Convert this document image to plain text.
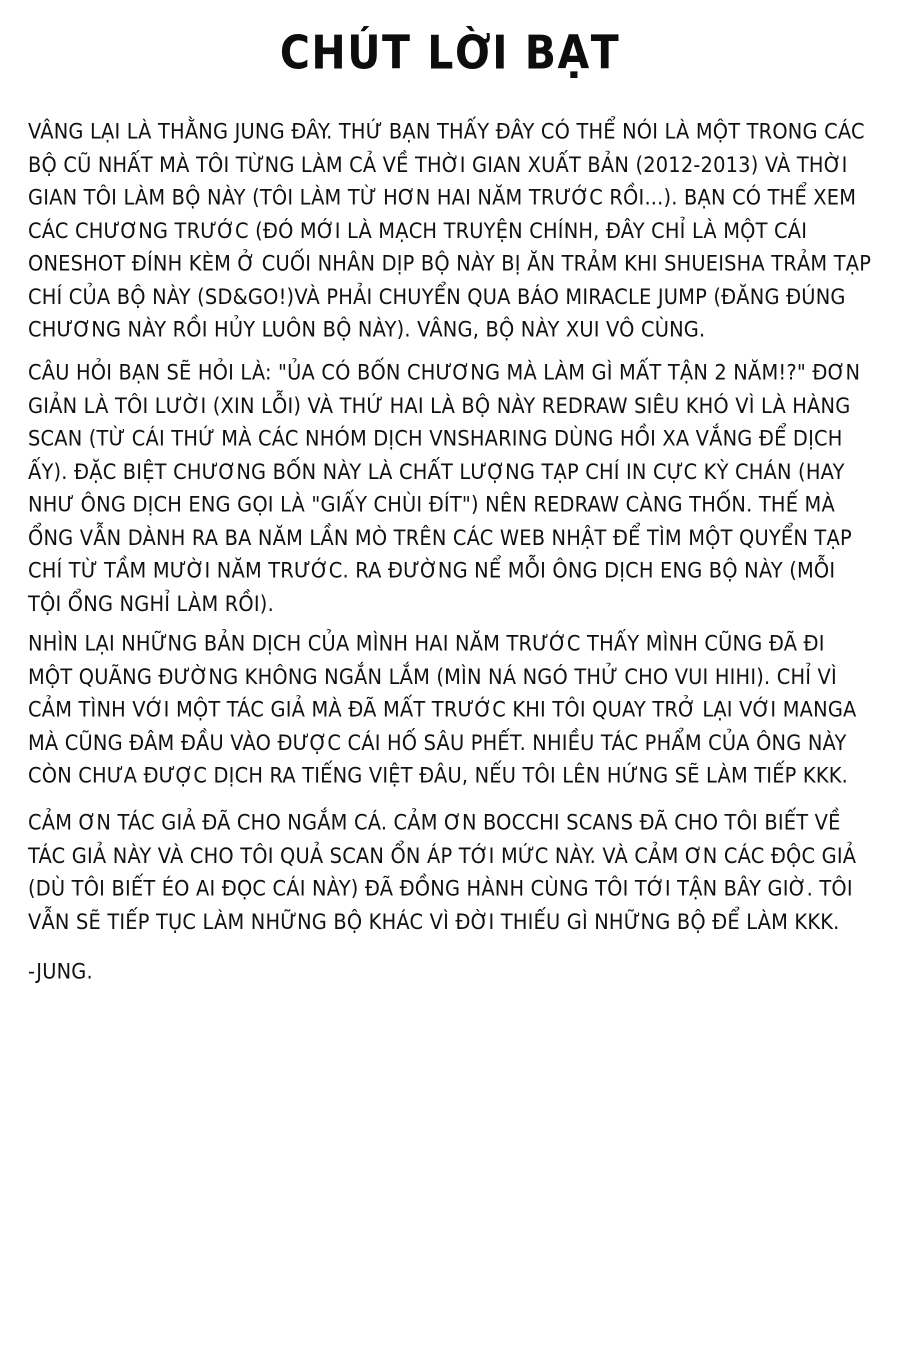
CHÚT LỜI BẠT

VÂNG LẠI LÀ THẰNG JUNG ĐÂY. THỨ BẠN THẤY ĐÂY CÓ THỂ NÓI LÀ MỘT TRONG CÁC BỘ CŨ NHẤT MÀ TÔI TỪNG LÀM CẢ VỀ THỜI GIAN XUẤT BẢN (2012-2013) VÀ THỜI GIAN TÔI LÀM BỘ NÀY (TÔI LÀM TỪ HƠN HAI NĂM TRƯỚC RỒI...). BẠN CÓ THỂ XEM CÁC CHƯƠNG TRƯỚC (ĐÓ MỚI LÀ MẠCH TRUYỆN CHÍNH, ĐÂY CHỈ LÀ MỘT CÁI ONESHOT ĐÍNH KÈM Ở CUỐI NHÂN DỊP BỘ NÀY BỊ ĂN TRẢM KHI SHUEISHA TRẢM TẠP CHÍ CỦA BỘ NÀY (SD&GO!)VÀ PHẢI CHUYỂN QUA BÁO MIRACLE JUMP (ĐĂNG ĐÚNG CHƯƠNG NÀY RỒI HỦY LUÔN BỘ NÀY). VÂNG, BỘ NÀY XUI VÔ CÙNG.

CÂU HỎI BẠN SẼ HỎI LÀ: "ỦA CÓ BỐN CHƯƠNG MÀ LÀM GÌ MẤT TẬN 2 NĂM!?" ĐƠN GIẢN LÀ TÔI LƯỜI (XIN LỖI) VÀ THỨ HAI LÀ BỘ NÀY REDRAW SIÊU KHÓ VÌ LÀ HÀNG SCAN (TỪ CÁI THỨ MÀ CÁC NHÓM DỊCH VNSHARING DÙNG HỒI XA VẮNG ĐỂ DỊCH ẤY). ĐẶC BIỆT CHƯƠNG BỐN NÀY LÀ CHẤT LƯỢNG TẠP CHÍ IN CỰC KỲ CHÁN (HAY NHƯ ÔNG DỊCH ENG GỌI LÀ "GIẤY CHÙI ĐÍT") NÊN REDRAW CÀNG THỐN. THẾ MÀ ỔNG VẪN DÀNH RA BA NĂM LẦN MÒ TRÊN CÁC WEB NHẬT ĐỂ TÌM MỘT QUYỂN TẠP CHÍ TỪ TẦM MƯỜI NĂM TRƯỚC. RA ĐƯỜNG NỂ MỖI ÔNG DỊCH ENG BỘ NÀY (MỖI TỘI ỔNG NGHỈ LÀM RỒI).

NHÌN LẠI NHỮNG BẢN DỊCH CỦA MÌNH HAI NĂM TRƯỚC THẤY MÌNH CŨNG ĐÃ ĐI MỘT QUÃNG ĐƯỜNG KHÔNG NGẮN LẮM (MÌN NÁ NGÓ THỬ CHO VUI HIHI). CHỈ VÌ CẢM TÌNH VỚI MỘT TÁC GIẢ MÀ ĐÃ MẤT TRƯỚC KHI TÔI QUAY TRỞ LẠI VỚI MANGA MÀ CŨNG ĐÂM ĐẦU VÀO ĐƯỢC CÁI HỐ SÂU PHẾT. NHIỀU TÁC PHẨM CỦA ÔNG NÀY CÒN CHƯA ĐƯỢC DỊCH RA TIẾNG VIỆT ĐÂU, NẾU TÔI LÊN HỨNG SẼ LÀM TIẾP KKK.

CẢM ƠN TÁC GIẢ ĐÃ CHO NGẮM CÁ. CẢM ƠN BOCCHI SCANS ĐÃ CHO TÔI BIẾT VỀ TÁC GIẢ NÀY VÀ CHO TÔI QUẢ SCAN ỔN ÁP TỚI MỨC NÀY. VÀ CẢM ƠN CÁC ĐỘC GIẢ (DÙ TÔI BIẾT ÉO AI ĐỌC CÁI NÀY) ĐÃ ĐỒNG HÀNH CÙNG TÔI TỚI TẬN BÂY GIỜ. TÔI VẪN SẼ TIẾP TỤC LÀM NHỮNG BỘ KHÁC VÌ ĐỜI THIẾU GÌ NHỮNG BỘ ĐỂ LÀM KKK.

-JUNG.
